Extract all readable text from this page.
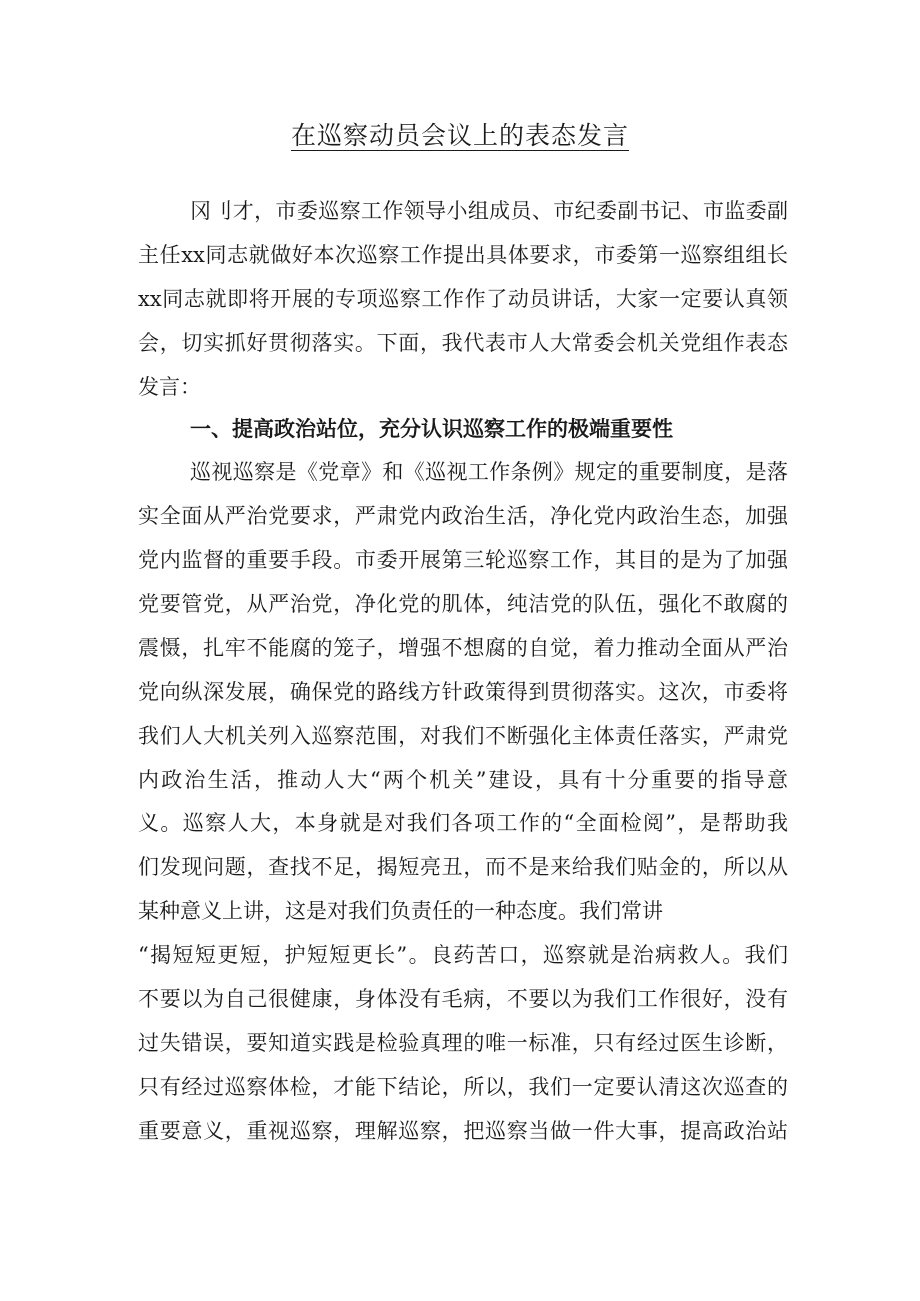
在巡察动员会议上的表态发言
冈刂才，市委巡察工作领导小组成员、市纪委副书记、市监委副
主任xx同志就做好本次巡察工作提出具体要求，市委第一巡察组组长
xx同志就即将开展的专项巡察工作作了动员讲话，大家一定要认真领
会，切实抓好贯彻落实。下面，我代表市人大常委会机关党组作表态
发言：
一、提高政治站位，充分认识巡察工作的极端重要性
巡视巡察是《党章》和《巡视工作条例》规定的重要制度，是落
实全面从严治党要求，严肃党内政治生活，净化党内政治生态，加强
党内监督的重要手段。市委开展第三轮巡察工作，其目的是为了加强
党要管党，从严治党，净化党的肌体，纯洁党的队伍，强化不敢腐的
震慑，扎牢不能腐的笼子，增强不想腐的自觉，着力推动全面从严治
党向纵深发展，确保党的路线方针政策得到贯彻落实。这次，市委将
我们人大机关列入巡察范围，对我们不断强化主体责任落实，严肃党
内政治生活，推动人大“两个机关”建设，具有十分重要的指导意
义。巡察人大，本身就是对我们各项工作的“全面检阅”，是帮助我
们发现问题，查找不足，揭短亮丑，而不是来给我们贴金的，所以从
某种意义上讲，这是对我们负责任的一种态度。我们常讲
“揭短短更短，护短短更长”。良药苦口，巡察就是治病救人。我们
不要以为自己很健康，身体没有毛病，不要以为我们工作很好，没有
过失错误，要知道实践是检验真理的唯一标准，只有经过医生诊断，
只有经过巡察体检，才能下结论，所以，我们一定要认清这次巡查的
重要意义，重视巡察，理解巡察，把巡察当做一件大事，提高政治站
